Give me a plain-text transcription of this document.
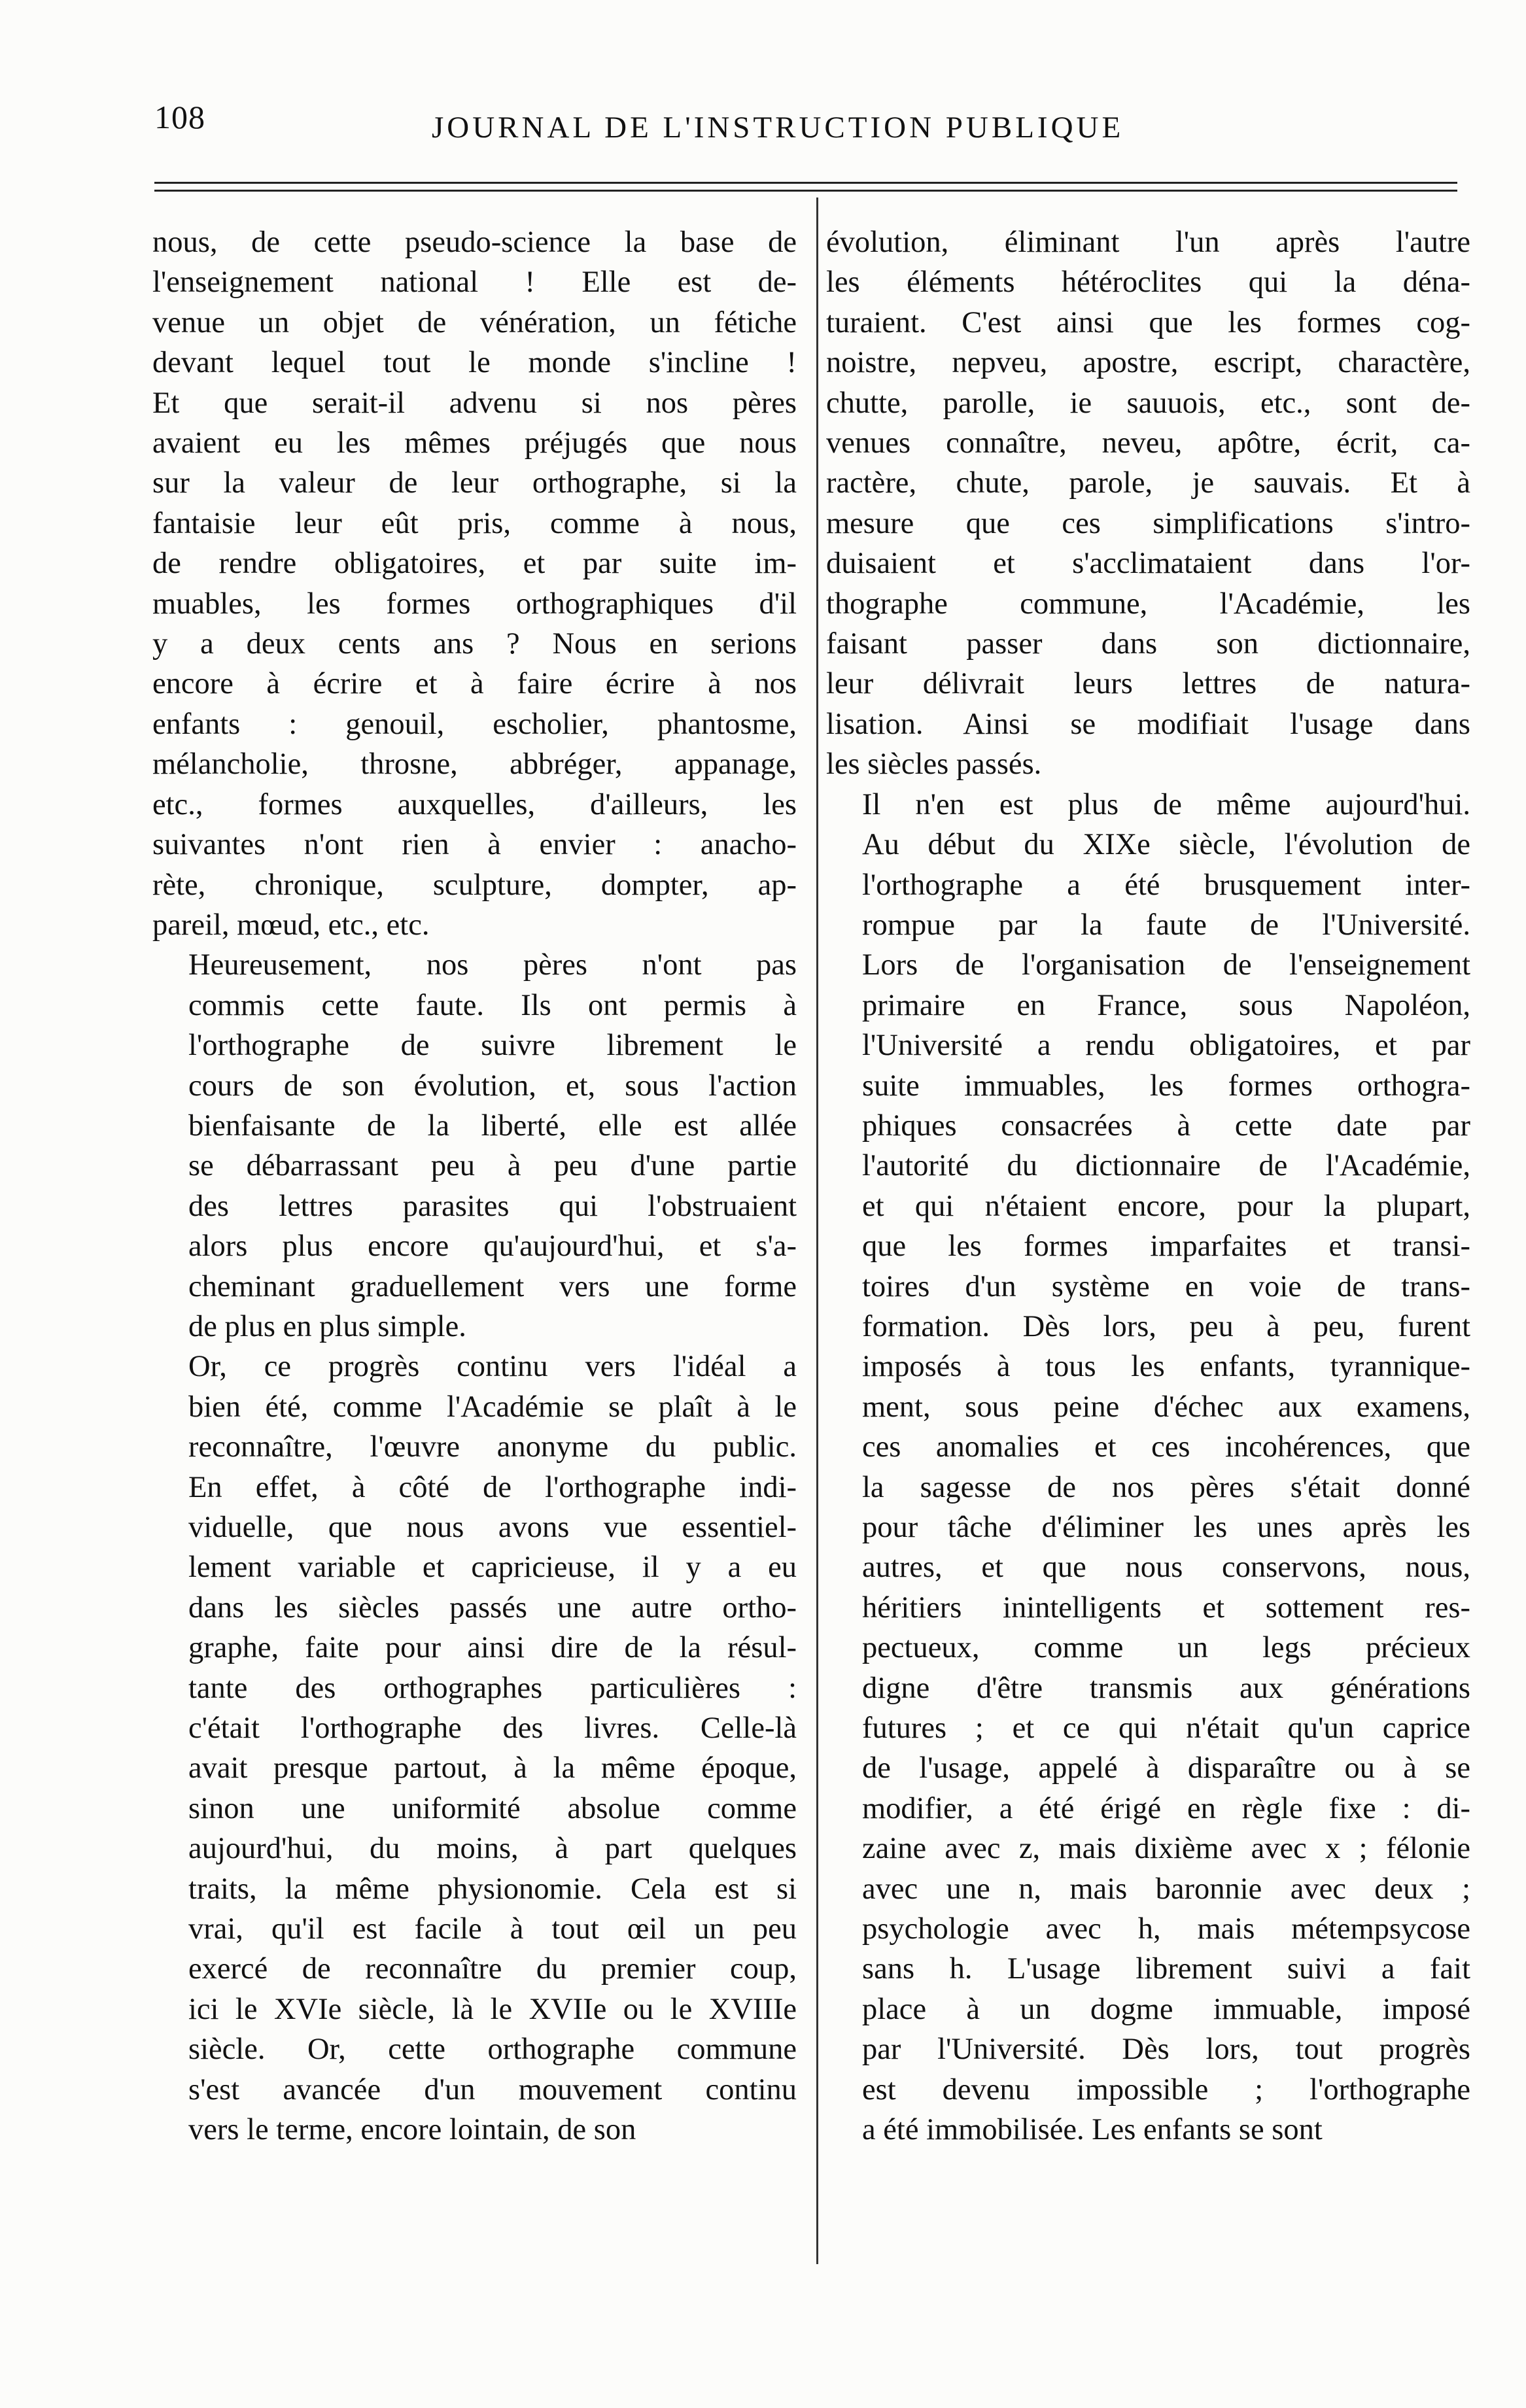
108	JOURNAL DE L'INSTRUCTION PUBLIQUE
nous, de cette pseudo-science la base de
l'enseignement national ! Elle est de-
venue un objet de vénération, un fétiche
devant lequel tout le monde s'incline !
Et que serait-il advenu si nos pères
avaient eu les mêmes préjugés que nous
sur la valeur de leur orthographe, si la
fantaisie leur eût pris, comme à nous,
de rendre obligatoires, et par suite im-
muables, les formes orthographiques d'il
y a deux cents ans ? Nous en serions
encore à écrire et à faire écrire à nos
enfants : genouil, escholier, phantosme,
mélancholie, throsne, abbréger, appanage,
etc., formes auxquelles, d'ailleurs, les
suivantes n'ont rien à envier : anacho-
rète, chronique, sculpture, dompter, ap-
pareil, mœud, etc., etc.
Heureusement, nos pères n'ont pas
commis cette faute. Ils ont permis à
l'orthographe de suivre librement le
cours de son évolution, et, sous l'action
bienfaisante de la liberté, elle est allée
se débarrassant peu à peu d'une partie
des lettres parasites qui l'obstruaient
alors plus encore qu'aujourd'hui, et s'a-
cheminant graduellement vers une forme
de plus en plus simple.
Or, ce progrès continu vers l'idéal a
bien été, comme l'Académie se plaît à le
reconnaître, l'œuvre anonyme du public.
En effet, à côté de l'orthographe indi-
viduelle, que nous avons vue essentiel-
lement variable et capricieuse, il y a eu
dans les siècles passés une autre ortho-
graphe, faite pour ainsi dire de la résul-
tante des orthographes particulières :
c'était l'orthographe des livres. Celle-là
avait presque partout, à la même époque,
sinon une uniformité absolue comme
aujourd'hui, du moins, à part quelques
traits, la même physionomie. Cela est si
vrai, qu'il est facile à tout œil un peu
exercé de reconnaître du premier coup,
ici le XVIe siècle, là le XVIIe ou le XVIIIe
siècle. Or, cette orthographe commune
s'est avancée d'un mouvement continu
vers le terme, encore lointain, de son
évolution, éliminant l'un après l'autre
les éléments hétéroclites qui la déna-
turaient. C'est ainsi que les formes cog-
noistre, nepveu, apostre, escript, charactère,
chutte, parolle, ie sauuois, etc., sont de-
venues connaître, neveu, apôtre, écrit, ca-
ractère, chute, parole, je sauvais. Et à
mesure que ces simplifications s'intro-
duisaient et s'acclimataient dans l'or-
thographe commune, l'Académie, les
faisant passer dans son dictionnaire,
leur délivrait leurs lettres de natura-
lisation. Ainsi se modifiait l'usage dans
les siècles passés.
Il n'en est plus de même aujourd'hui.
Au début du XIXe siècle, l'évolution de
l'orthographe a été brusquement inter-
rompue par la faute de l'Université.
Lors de l'organisation de l'enseignement
primaire en France, sous Napoléon,
l'Université a rendu obligatoires, et par
suite immuables, les formes orthogra-
phiques consacrées à cette date par
l'autorité du dictionnaire de l'Académie,
et qui n'étaient encore, pour la plupart,
que les formes imparfaites et transi-
toires d'un système en voie de trans-
formation. Dès lors, peu à peu, furent
imposés à tous les enfants, tyrannique-
ment, sous peine d'échec aux examens,
ces anomalies et ces incohérences, que
la sagesse de nos pères s'était donné
pour tâche d'éliminer les unes après les
autres, et que nous conservons, nous,
héritiers inintelligents et sottement res-
pectueux, comme un legs précieux
digne d'être transmis aux générations
futures ; et ce qui n'était qu'un caprice
de l'usage, appelé à disparaître ou à se
modifier, a été érigé en règle fixe : di-
zaine avec z, mais dixième avec x ; félonie
avec une n, mais baronnie avec deux ;
psychologie avec h, mais métempsycose
sans h. L'usage librement suivi a fait
place à un dogme immuable, imposé
par l'Université. Dès lors, tout progrès
est devenu impossible ; l'orthographe
a été immobilisée. Les enfants se sont
